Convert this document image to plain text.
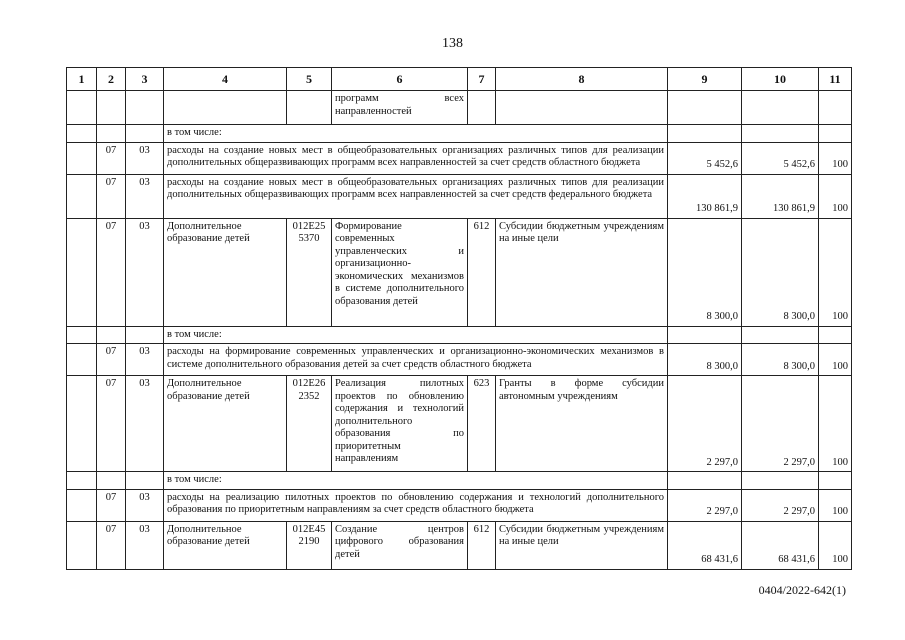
138
1	2	3	4	5	6	7	8	9	10	11
					программ всех направленностей					
			в том числе:							
	07	03	расходы на создание новых мест в общеобразовательных организациях различных типов для реализации дополнительных общеразвивающих программ всех направленностей за счет средств областного бюджета					5 452,6	5 452,6	100
	07	03	расходы на создание новых мест в общеобразовательных организациях различных типов для реализации дополнительных общеразвивающих программ всех направленностей за счет средств федерального бюджета					130 861,9	130 861,9	100
	07	03	Дополнительное образование детей	012E25 5370	Формирование современных управленческих и организационно-экономических механизмов в системе дополнительного образования детей	612	Субсидии бюджетным учреждениям на иные цели	8 300,0	8 300,0	100
			в том числе:							
	07	03	расходы на формирование современных управленческих и организационно-экономических механизмов в системе дополнительного образования детей за счет средств областного бюджета					8 300,0	8 300,0	100
	07	03	Дополнительное образование детей	012E26 2352	Реализация пилотных проектов по обновлению содержания и технологий дополнительного образования по приоритетным направлениям	623	Гранты в форме субсидии автономным учреждениям	2 297,0	2 297,0	100
			в том числе:							
	07	03	расходы на реализацию пилотных проектов по обновлению содержания и технологий дополнительного образования по приоритетным направлениям за счет средств областного бюджета					2 297,0	2 297,0	100
	07	03	Дополнительное образование детей	012E45 2190	Создание центров цифрового образования детей	612	Субсидии бюджетным учреждениям на иные цели	68 431,6	68 431,6	100
0404/2022-642(1)
